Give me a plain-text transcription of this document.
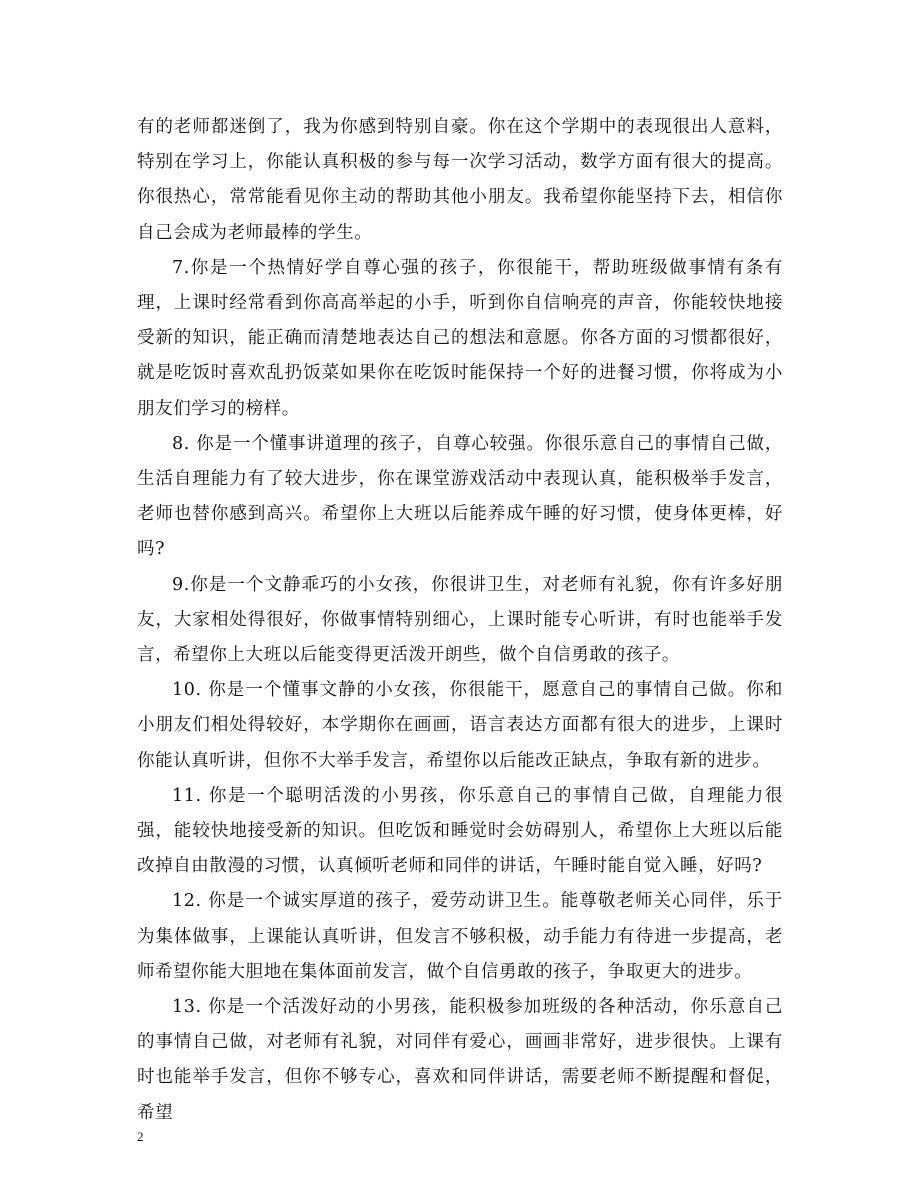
有的老师都迷倒了，我为你感到特别自豪。你在这个学期中的表现很出人意料，特别在学习上，你能认真积极的参与每一次学习活动，数学方面有很大的提高。你很热心，常常能看见你主动的帮助其他小朋友。我希望你能坚持下去，相信你自己会成为老师最棒的学生。

7.你是一个热情好学自尊心强的孩子，你很能干，帮助班级做事情有条有理，上课时经常看到你高高举起的小手，听到你自信响亮的声音，你能较快地接受新的知识，能正确而清楚地表达自己的想法和意愿。你各方面的习惯都很好，就是吃饭时喜欢乱扔饭菜如果你在吃饭时能保持一个好的进餐习惯，你将成为小朋友们学习的榜样。

8. 你是一个懂事讲道理的孩子，自尊心较强。你很乐意自己的事情自己做，生活自理能力有了较大进步，你在课堂游戏活动中表现认真，能积极举手发言，老师也替你感到高兴。希望你上大班以后能养成午睡的好习惯，使身体更棒，好吗?

9.你是一个文静乖巧的小女孩，你很讲卫生，对老师有礼貌，你有许多好朋友，大家相处得很好，你做事情特别细心，上课时能专心听讲，有时也能举手发言，希望你上大班以后能变得更活泼开朗些，做个自信勇敢的孩子。

10. 你是一个懂事文静的小女孩，你很能干，愿意自己的事情自己做。你和小朋友们相处得较好，本学期你在画画，语言表达方面都有很大的进步，上课时你能认真听讲，但你不大举手发言，希望你以后能改正缺点，争取有新的进步。

11. 你是一个聪明活泼的小男孩，你乐意自己的事情自己做，自理能力很强，能较快地接受新的知识。但吃饭和睡觉时会妨碍别人，希望你上大班以后能改掉自由散漫的习惯，认真倾听老师和同伴的讲话，午睡时能自觉入睡，好吗?

12. 你是一个诚实厚道的孩子，爱劳动讲卫生。能尊敬老师关心同伴，乐于为集体做事，上课能认真听讲，但发言不够积极，动手能力有待进一步提高，老师希望你能大胆地在集体面前发言，做个自信勇敢的孩子，争取更大的进步。

13. 你是一个活泼好动的小男孩，能积极参加班级的各种活动，你乐意自己的事情自己做，对老师有礼貌，对同伴有爱心，画画非常好，进步很快。上课有时也能举手发言，但你不够专心，喜欢和同伴讲话，需要老师不断提醒和督促，希望

2
